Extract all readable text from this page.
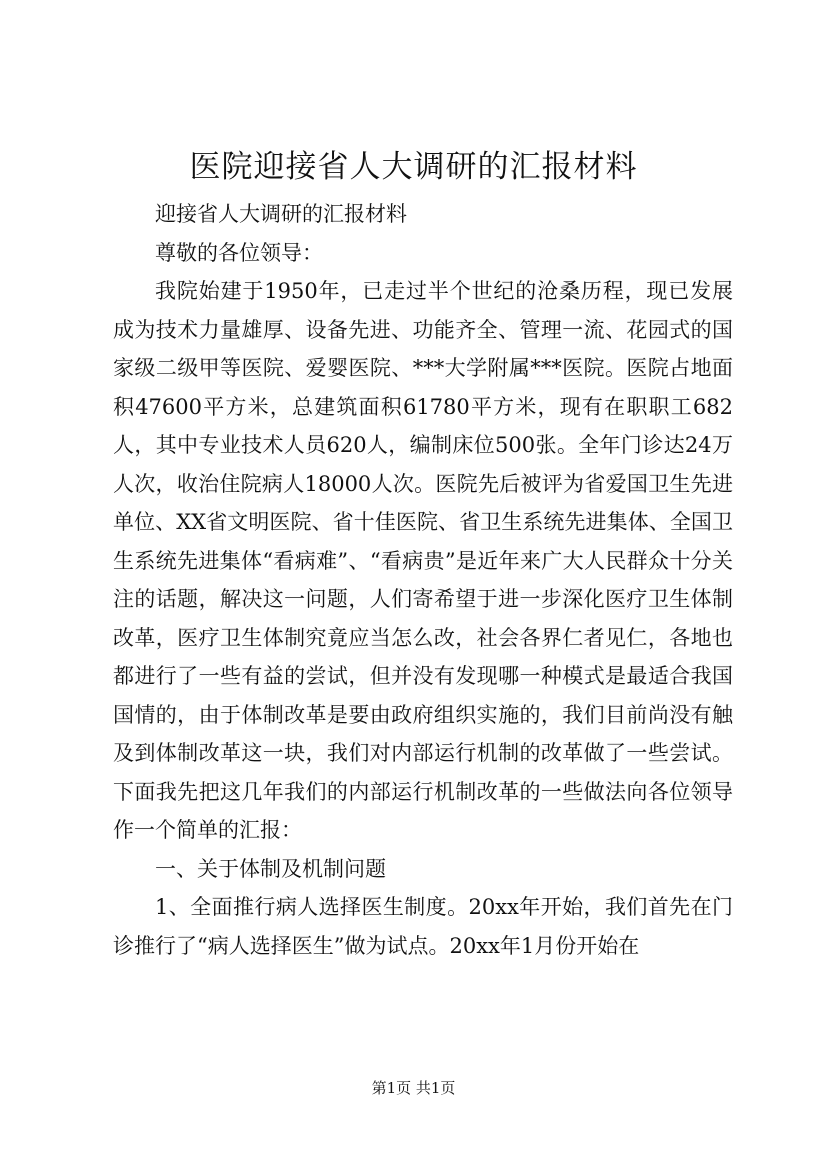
医院迎接省人大调研的汇报材料

迎接省人大调研的汇报材料

尊敬的各位领导：

我院始建于1950年，已走过半个世纪的沧桑历程，现已发展成为技术力量雄厚、设备先进、功能齐全、管理一流、花园式的国家级二级甲等医院、爱婴医院、***大学附属***医院。医院占地面积47600平方米，总建筑面积61780平方米，现有在职职工682人，其中专业技术人员620人，编制床位500张。全年门诊达24万人次，收治住院病人18000人次。医院先后被评为省爱国卫生先进单位、XX省文明医院、省十佳医院、省卫生系统先进集体、全国卫生系统先进集体“看病难”、“看病贵”是近年来广大人民群众十分关注的话题，解决这一问题，人们寄希望于进一步深化医疗卫生体制改革，医疗卫生体制究竟应当怎么改，社会各界仁者见仁，各地也都进行了一些有益的尝试，但并没有发现哪一种模式是最适合我国国情的，由于体制改革是要由政府组织实施的，我们目前尚没有触及到体制改革这一块，我们对内部运行机制的改革做了一些尝试。下面我先把这几年我们的内部运行机制改革的一些做法向各位领导作一个简单的汇报：

一、关于体制及机制问题

1、全面推行病人选择医生制度。20xx年开始，我们首先在门诊推行了“病人选择医生”做为试点。20xx年1月份开始在

第1页 共1页
